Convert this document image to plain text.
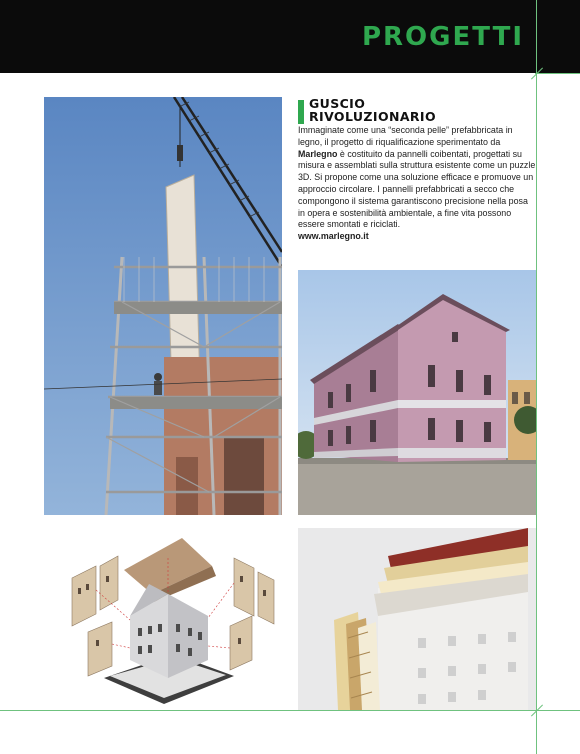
PROGETTI
GUSCIO
RIVOLUZIONARIO
Immaginate come una “seconda pelle” prefabbricata in legno, il progetto di riqualificazione sperimentato da Marlegno è costituito da pannelli coibentati, progettati su misura e assemblati sulla struttura esistente come un puzzle 3D. Si propone come una soluzione efficace e promuove un approccio circolare. I pannelli prefabbricati a secco che compongono il sistema garantiscono precisione nella posa in opera e sostenibilità ambientale, a fine vita possono essere smontati e riciclati.
www.marlegno.it
